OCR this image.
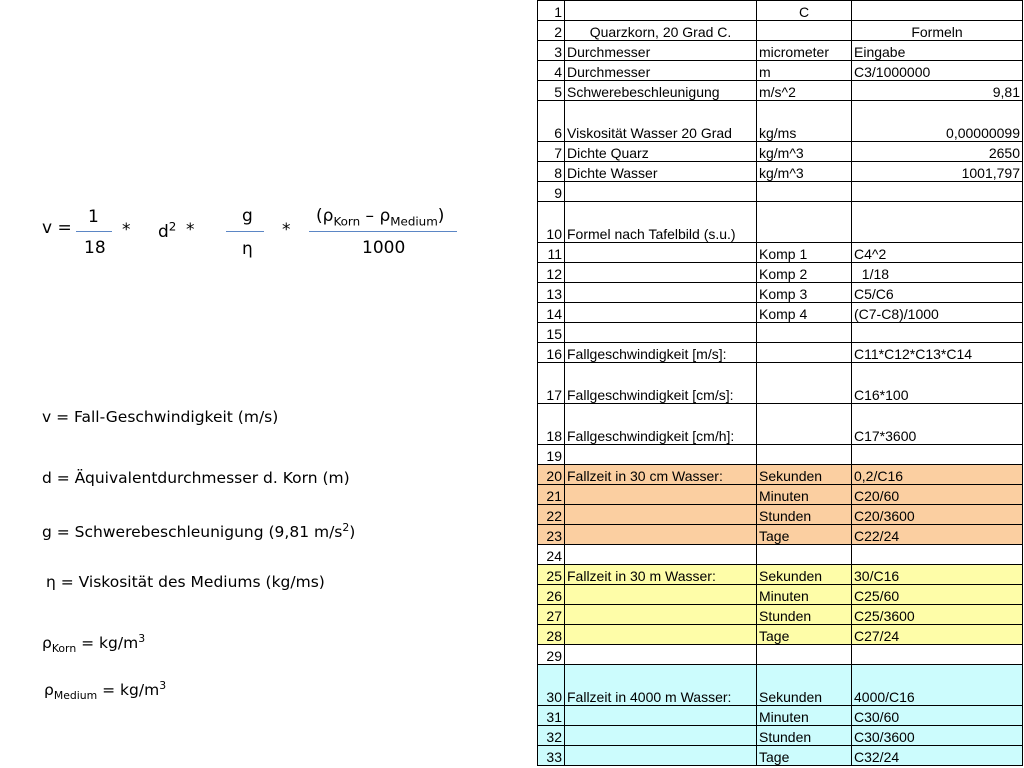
v =
1
18
* $d^2$ *
g
η
*
$(\rho_{Korn} - \rho_{Medium})$
1000
v = Fall-Geschwindigkeit (m/s)
d = Äquivalentdurchmesser d. Korn (m)
g = Schwerebeschleunigung (9,81 $m/s^2$)
η = Viskosität des Mediums (kg/ms)
$\rho_{Korn} = kg/m^3$
$\rho_{Medium} = kg/m^3$
1		C	
2	Quarzkorn, 20 Grad C.		Formeln
3	Durchmesser	micrometer	Eingabe
4	Durchmesser	m	C3/1000000
5	Schwerebeschleunigung	m/s^2	9,81
6	Viskosität Wasser 20 Grad	kg/ms	0,00000099
7	Dichte Quarz	kg/m^3	2650
8	Dichte Wasser	kg/m^3	1001,797
9			
10	Formel nach Tafelbild (s.u.)		
11		Komp 1	C4^2
12		Komp 2	1/18
13		Komp 3	C5/C6
14		Komp 4	(C7-C8)/1000
15			
16	Fallgeschwindigkeit [m/s]:		C11*C12*C13*C14
17	Fallgeschwindigkeit [cm/s]:		C16*100
18	Fallgeschwindigkeit [cm/h]:		C17*3600
19			
20	Fallzeit in 30 cm Wasser:	Sekunden	0,2/C16
21		Minuten	C20/60
22		Stunden	C20/3600
23		Tage	C22/24
24			
25	Fallzeit in 30 m Wasser:	Sekunden	30/C16
26		Minuten	C25/60
27		Stunden	C25/3600
28		Tage	C27/24
29			
30	Fallzeit in 4000 m Wasser:	Sekunden	4000/C16
31		Minuten	C30/60
32		Stunden	C30/3600
33		Tage	C32/24
